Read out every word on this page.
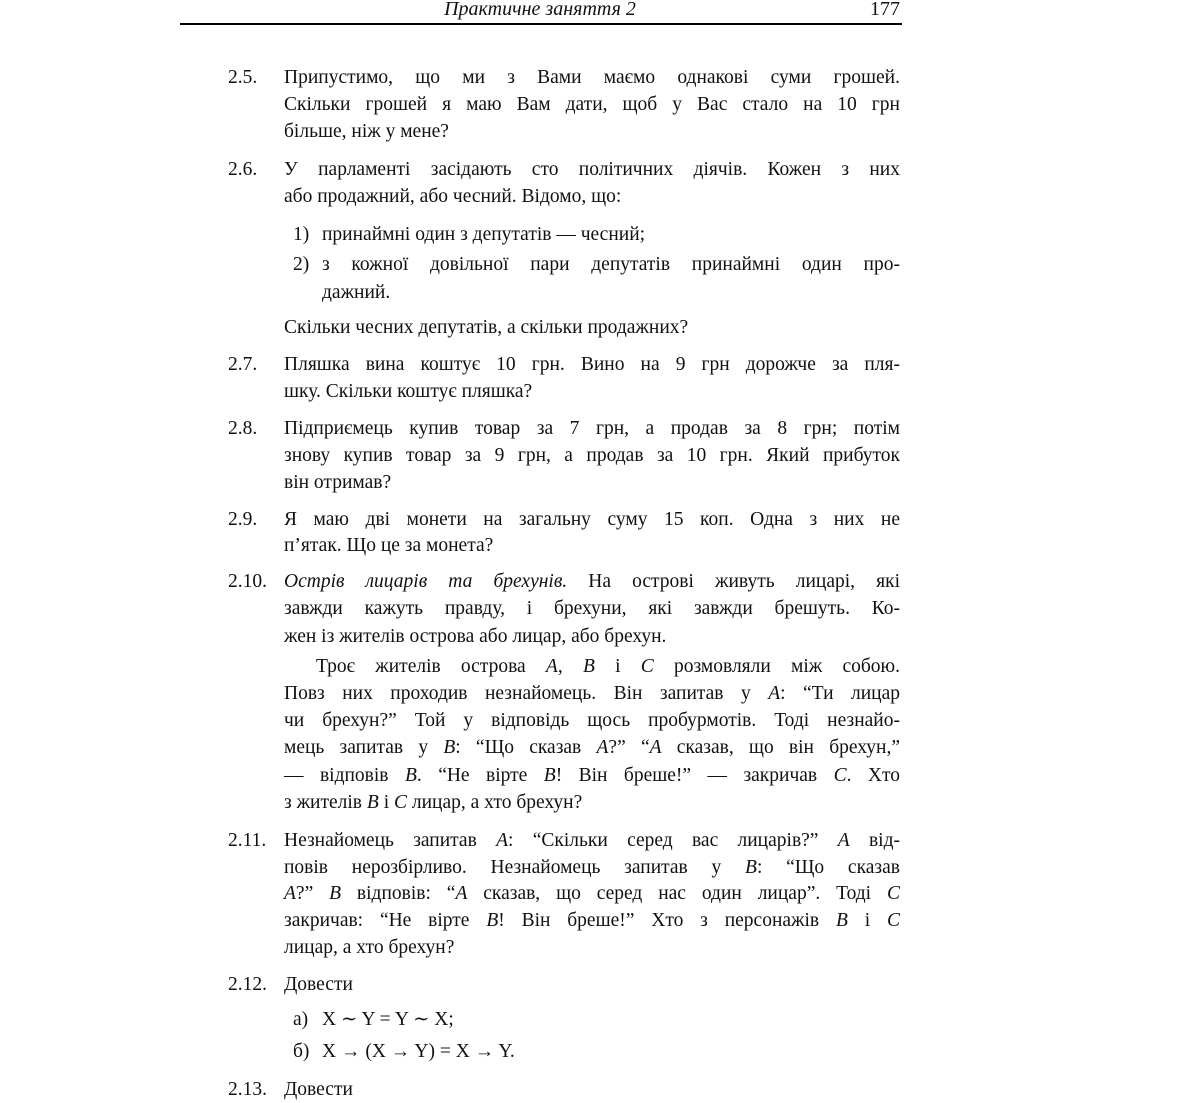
Практичне заняття 2	177
2.5.	Припустимо, що ми з Вами маємо однакові суми грошей.
Скільки грошей я маю Вам дати, щоб у Вас стало на 10 грн
більше, ніж у мене?
2.6.	У парламенті засідають сто політичних діячів. Кожен з них
або продажний, або чесний. Відомо, що:
1) принаймні один з депутатів — чесний;
2) з кожної довільної пари депутатів принаймні один про-
дажний.
Скільки чесних депутатів, а скільки продажних?
2.7.	Пляшка вина коштує 10 грн. Вино на 9 грн дорожче за пля-
шку. Скільки коштує пляшка?
2.8.	Підприємець купив товар за 7 грн, а продав за 8 грн; потім
знову купив товар за 9 грн, а продав за 10 грн. Який прибуток
він отримав?
2.9.	Я маю дві монети на загальну суму 15 коп. Одна з них не
п’ятак. Що це за монета?
2.10. Острів лицарів та брехунів. На острові живуть лицарі, які
завжди кажуть правду, і брехуни, які завжди брешуть. Ко-
жен із жителів острова або лицар, або брехун.
Троє жителів острова A, B і C розмовляли між собою.
Повз них проходив незнайомець. Він запитав у A: “Ти лицар
чи брехун?” Той у відповідь щось пробурмотів. Тоді незнайо-
мець запитав у B: “Що сказав A?” “A сказав, що він брехун,”
— відповів B. “Не вірте B! Він бреше!” — закричав C. Хто
з жителів B і C лицар, а хто брехун?
2.11. Незнайомець запитав A: “Скільки серед вас лицарів?” A від-
повів нерозбірливо. Незнайомець запитав у B: “Що сказав
A?” B відповів: “A сказав, що серед нас один лицар”. Тоді C
закричав: “Не вірте B! Він бреше!” Хто з персонажів B і C
лицар, а хто брехун?
2.12. Довести
а) X ∼ Y = Y ∼ X;
б) X → (X → Y) = X → Y.
2.13. Довести
